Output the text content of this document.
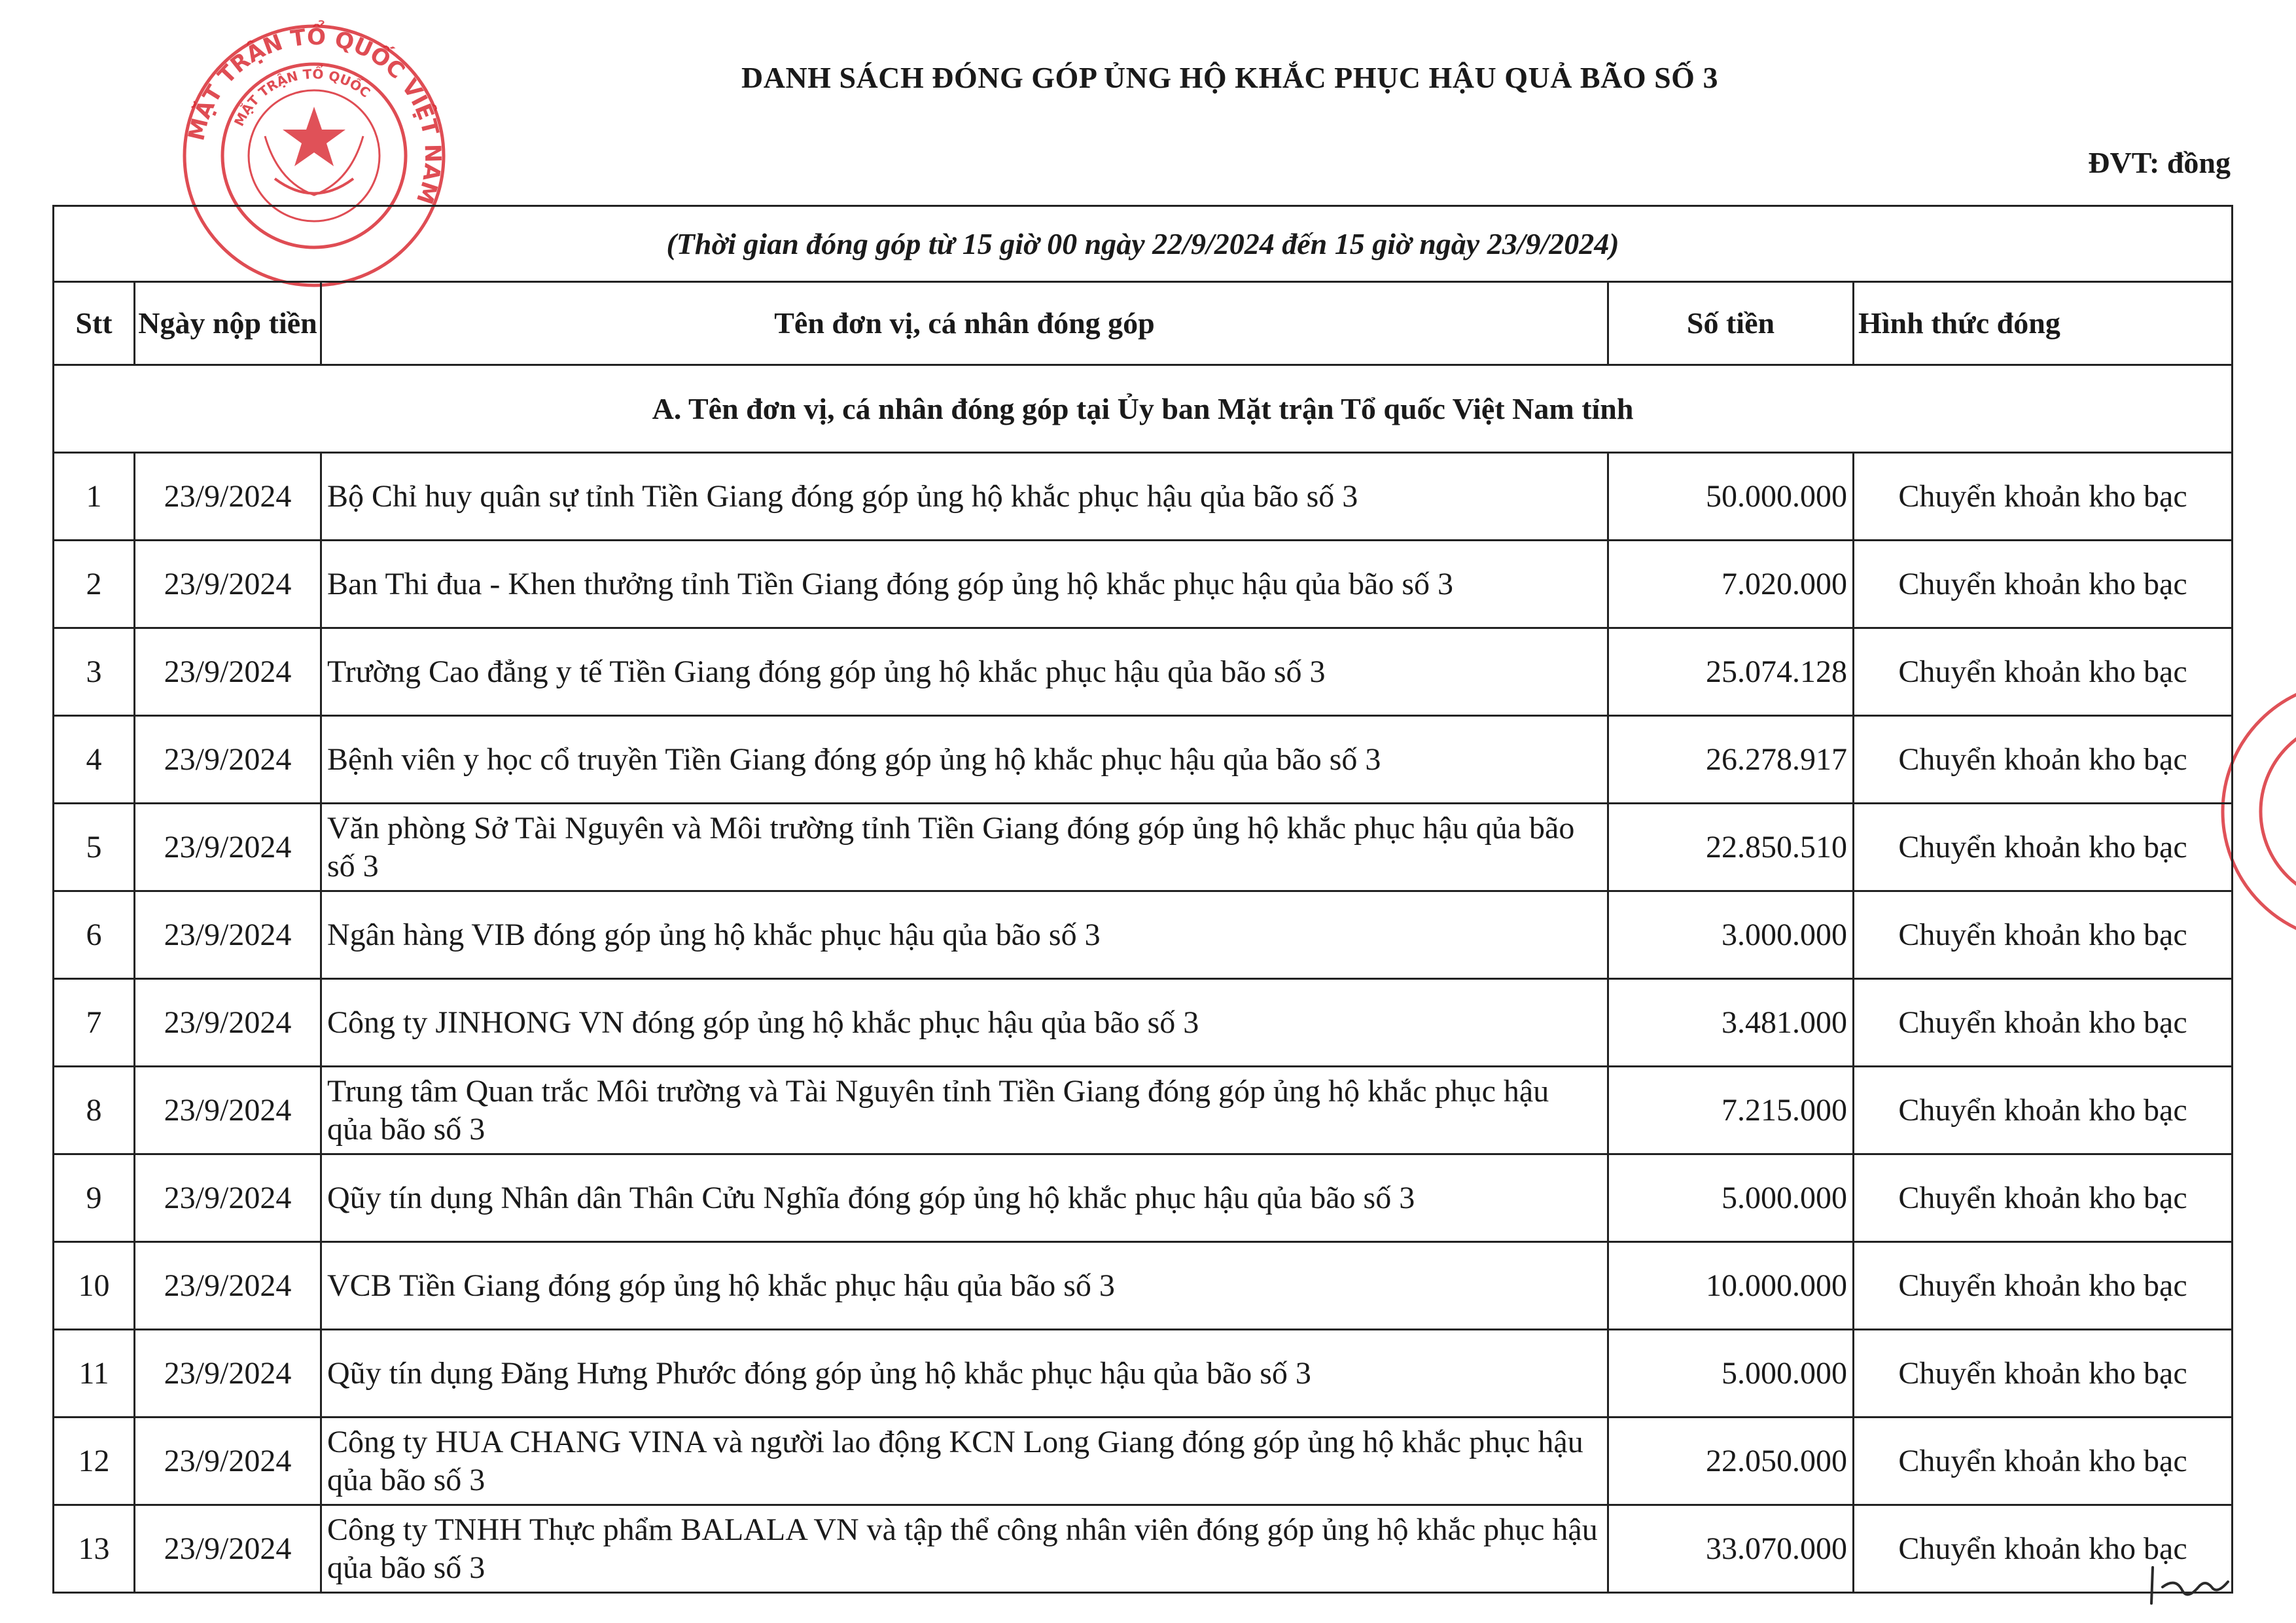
DANH SÁCH ĐÓNG GÓP ỦNG HỘ KHẮC PHỤC HẬU QUẢ BÃO SỐ 3
ĐVT: đồng
MẶT TRẬN TỔ QUỐC VIỆT NAM
MẶT TRẬN TỔ QUỐC
(Thời gian đóng góp từ 15 giờ 00 ngày 22/9/2024 đến 15 giờ ngày 23/9/2024)				
Stt	Ngày nộp tiền	Tên đơn vị, cá nhân đóng góp	Số tiền	Hình thức đóng
A. Tên đơn vị, cá nhân đóng góp tại Ủy ban Mặt trận Tổ quốc Việt Nam tỉnh				
1	23/9/2024	Bộ Chỉ huy quân sự tỉnh Tiền Giang đóng góp ủng hộ khắc phục hậu qủa bão số 3	50.000.000	Chuyển khoản kho bạc
2	23/9/2024	Ban Thi đua - Khen thưởng tỉnh Tiền Giang đóng góp ủng hộ khắc phục hậu qủa bão số 3	7.020.000	Chuyển khoản kho bạc
3	23/9/2024	Trường Cao đẳng y tế Tiền Giang đóng góp ủng hộ khắc phục hậu qủa bão số 3	25.074.128	Chuyển khoản kho bạc
4	23/9/2024	Bệnh viên y học cổ truyền Tiền Giang đóng góp ủng hộ khắc phục hậu qủa bão số 3	26.278.917	Chuyển khoản kho bạc
5	23/9/2024	Văn phòng Sở Tài Nguyên và Môi trường tỉnh Tiền Giang đóng góp ủng hộ khắc phục hậu qủa bão số 3	22.850.510	Chuyển khoản kho bạc
6	23/9/2024	Ngân hàng VIB đóng góp ủng hộ khắc phục hậu qủa bão số 3	3.000.000	Chuyển khoản kho bạc
7	23/9/2024	Công ty JINHONG VN đóng góp ủng hộ khắc phục hậu qủa bão số 3	3.481.000	Chuyển khoản kho bạc
8	23/9/2024	Trung tâm Quan trắc Môi trường và Tài Nguyên tỉnh Tiền Giang đóng góp ủng hộ khắc phục hậu qủa bão số 3	7.215.000	Chuyển khoản kho bạc
9	23/9/2024	Qũy tín dụng Nhân dân Thân Cửu Nghĩa đóng góp ủng hộ khắc phục hậu qủa bão số 3	5.000.000	Chuyển khoản kho bạc
10	23/9/2024	VCB Tiền Giang đóng góp ủng hộ khắc phục hậu qủa bão số 3	10.000.000	Chuyển khoản kho bạc
11	23/9/2024	Qũy tín dụng Đăng Hưng Phước đóng góp ủng hộ khắc phục hậu qủa bão số 3	5.000.000	Chuyển khoản kho bạc
12	23/9/2024	Công ty HUA CHANG VINA và người lao động KCN Long Giang đóng góp ủng hộ khắc phục hậu qủa bão số 3	22.050.000	Chuyển khoản kho bạc
13	23/9/2024	Công ty TNHH Thực phẩm BALALA VN và tập thể công nhân viên đóng góp ủng hộ khắc phục hậu qủa bão số 3	33.070.000	Chuyển khoản kho bạc
